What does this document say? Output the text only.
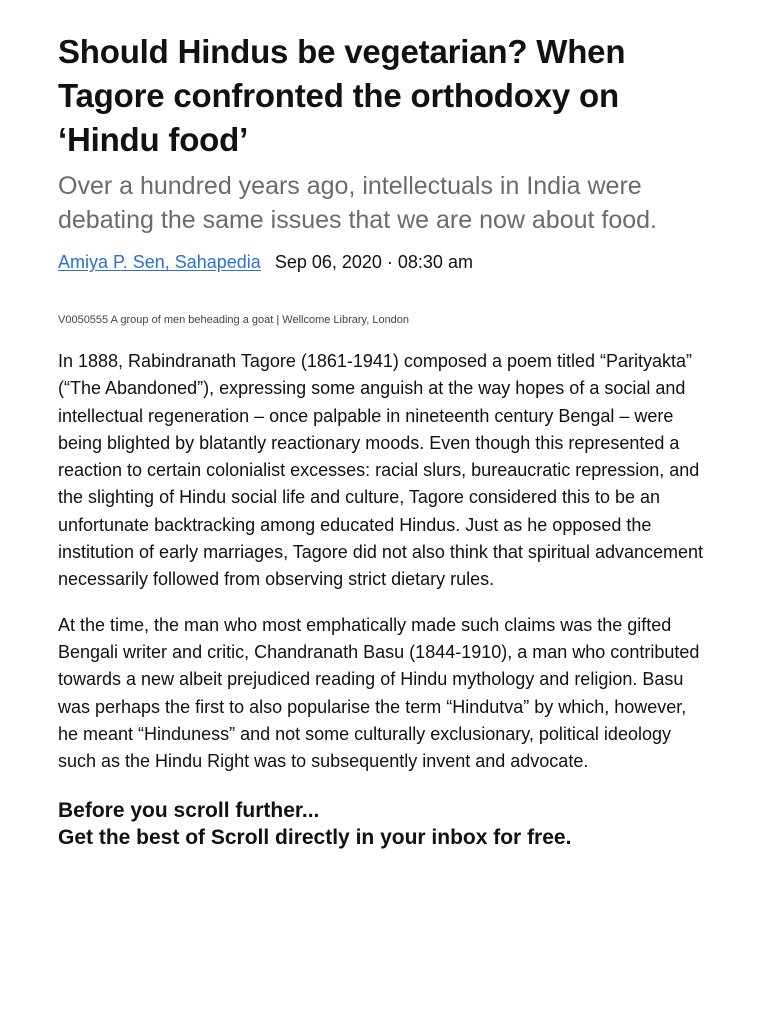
Should Hindus be vegetarian? When Tagore confronted the orthodoxy on ‘Hindu food’

Over a hundred years ago, intellectuals in India were debating the same issues that we are now about food.

Amiya P. Sen, Sahapedia Sep 06, 2020 · 08:30 am
V0050555 A group of men beheading a goat | Wellcome Library, London

In 1888, Rabindranath Tagore (1861-1941) composed a poem titled “Parityakta” (“The Abandoned”), expressing some anguish at the way hopes of a social and intellectual regeneration – once palpable in nineteenth century Bengal – were being blighted by blatantly reactionary moods. Even though this represented a reaction to certain colonialist excesses: racial slurs, bureaucratic repression, and the slighting of Hindu social life and culture, Tagore considered this to be an unfortunate backtracking among educated Hindus. Just as he opposed the institution of early marriages, Tagore did not also think that spiritual advancement necessarily followed from observing strict dietary rules.

At the time, the man who most emphatically made such claims was the gifted Bengali writer and critic, Chandranath Basu (1844-1910), a man who contributed towards a new albeit prejudiced reading of Hindu mythology and religion. Basu was perhaps the first to also popularise the term “Hindutva” by which, however, he meant “Hinduness” and not some culturally exclusionary, political ideology such as the Hindu Right was to subsequently invent and advocate.

Before you scroll further...
Get the best of Scroll directly in your inbox for free.
